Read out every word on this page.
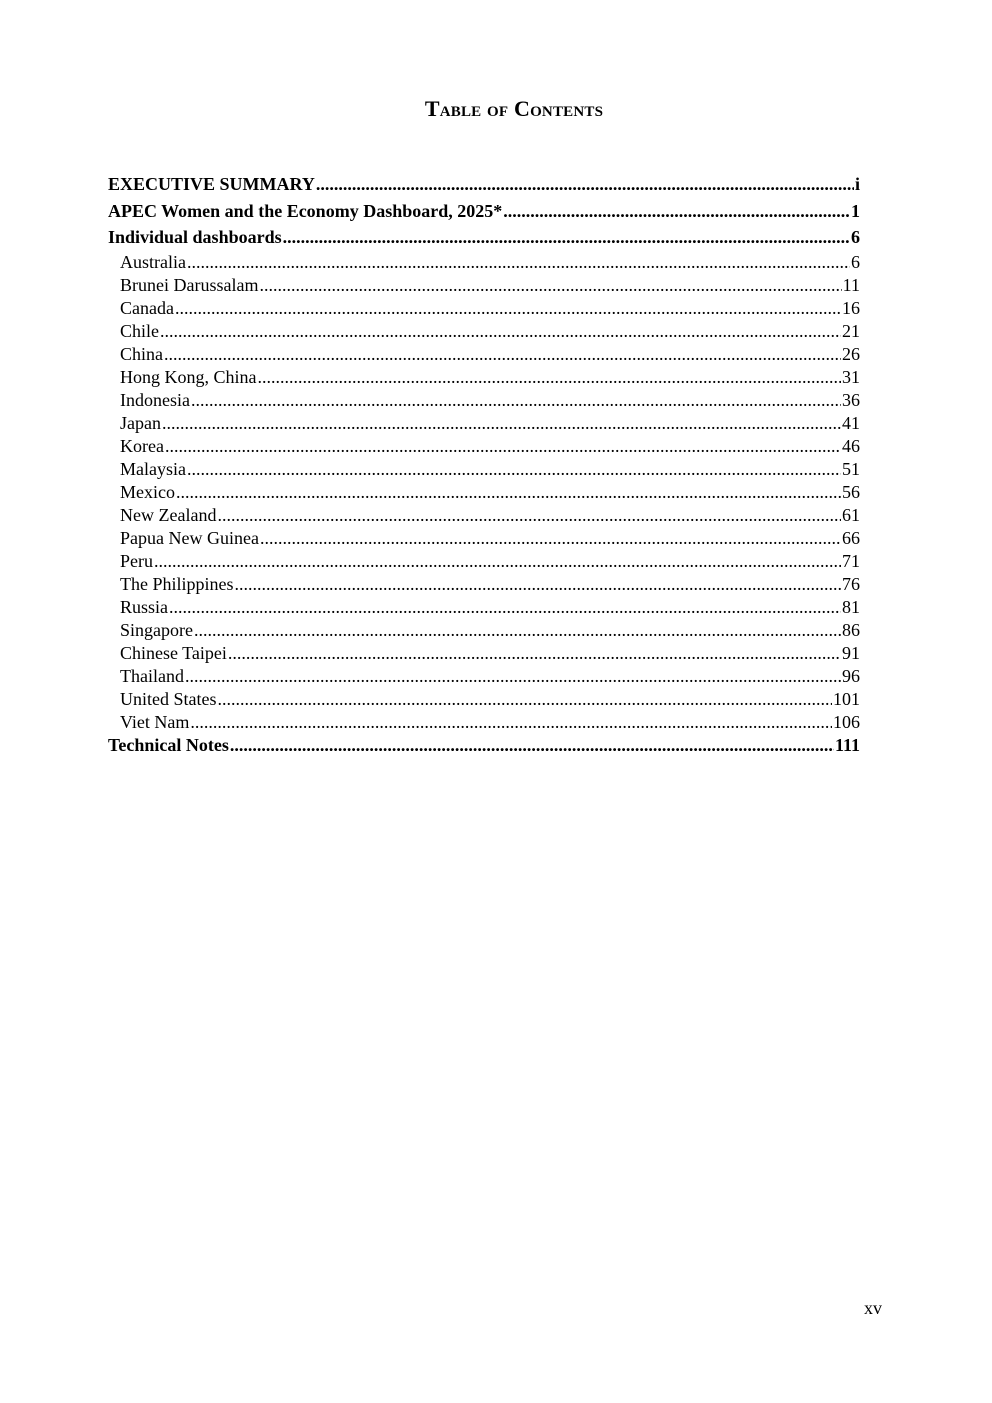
Table of Contents
EXECUTIVE SUMMARY .....	i
APEC Women and the Economy Dashboard, 2025* .....	1
Individual dashboards .....	6
Australia .....	6
Brunei Darussalam .....	11
Canada .....	16
Chile .....	21
China .....	26
Hong Kong, China .....	31
Indonesia .....	36
Japan .....	41
Korea .....	46
Malaysia .....	51
Mexico .....	56
New Zealand .....	61
Papua New Guinea .....	66
Peru .....	71
The Philippines .....	76
Russia .....	81
Singapore .....	86
Chinese Taipei .....	91
Thailand .....	96
United States .....	101
Viet Nam .....	106
Technical Notes .....	111
xv
